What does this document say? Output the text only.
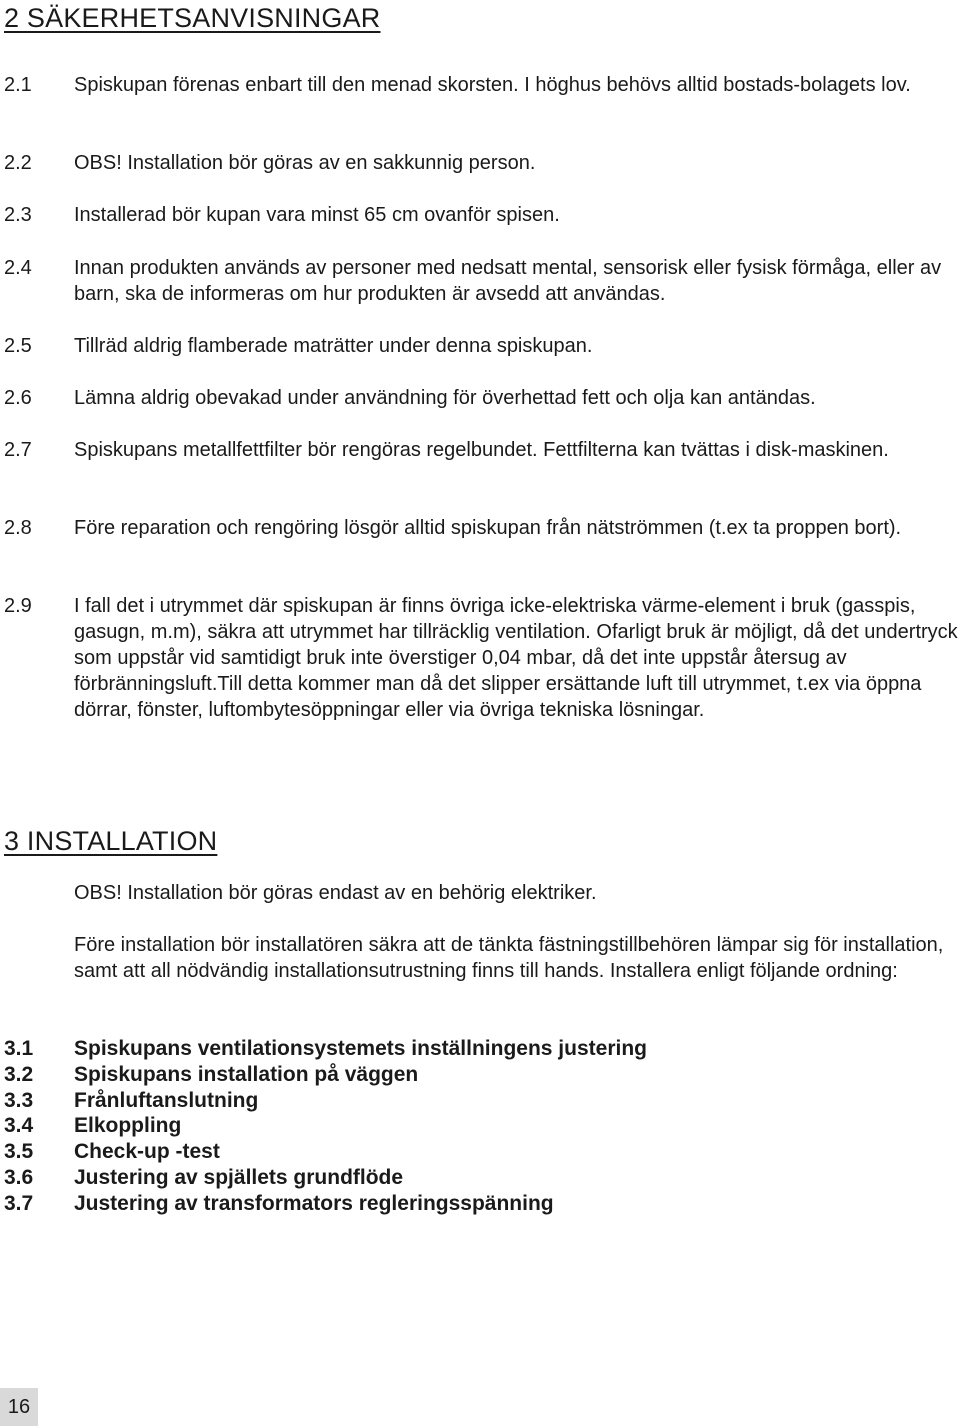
2 SÄKERHETSANVISNINGAR
2.1 Spiskupan förenas enbart till den menad skorsten. I höghus behövs alltid bostads-bolagets lov.
2.2 OBS! Installation bör göras av en sakkunnig person.
2.3 Installerad bör kupan vara minst 65 cm ovanför spisen.
2.4 Innan produkten används av personer med nedsatt mental, sensorisk eller fysisk förmåga, eller av barn, ska de informeras om hur produkten är avsedd att användas.
2.5 Tillräd aldrig flamberade maträtter under denna spiskupan.
2.6 Lämna aldrig obevakad under användning för överhettad fett och olja kan antändas.
2.7 Spiskupans metallfettfilter bör rengöras regelbundet. Fettfilterna kan tvättas i disk-maskinen.
2.8 Före reparation och rengöring lösgör alltid spiskupan från nätströmmen (t.ex ta proppen bort).
2.9 I fall det i utrymmet där spiskupan är finns övriga icke-elektriska värme-element i bruk (gasspis, gasugn, m.m), säkra att utrymmet har tillräcklig ventilation. Ofarligt bruk är möjligt, då det undertryck som uppstår vid samtidigt bruk inte överstiger 0,04 mbar, då det inte uppstår återsug av förbränningsluft.Till detta kommer man då det slipper ersättande luft till utrymmet, t.ex via öppna dörrar, fönster, luftombytesöppningar eller via övriga tekniska lösningar.
3 INSTALLATION
OBS! Installation bör göras endast av en behörig elektriker.
Före installation bör installatören säkra att de tänkta fästningstillbehören lämpar sig för installation, samt att all nödvändig installationsutrustning finns till hands. Installera enligt följande ordning:
3.1 Spiskupans ventilationsystemets inställningens justering
3.2 Spiskupans installation på väggen
3.3 Frånluftanslutning
3.4 Elkoppling
3.5 Check-up -test
3.6 Justering av spjällets grundflöde
3.7 Justering av transformators regleringsspänning
16
